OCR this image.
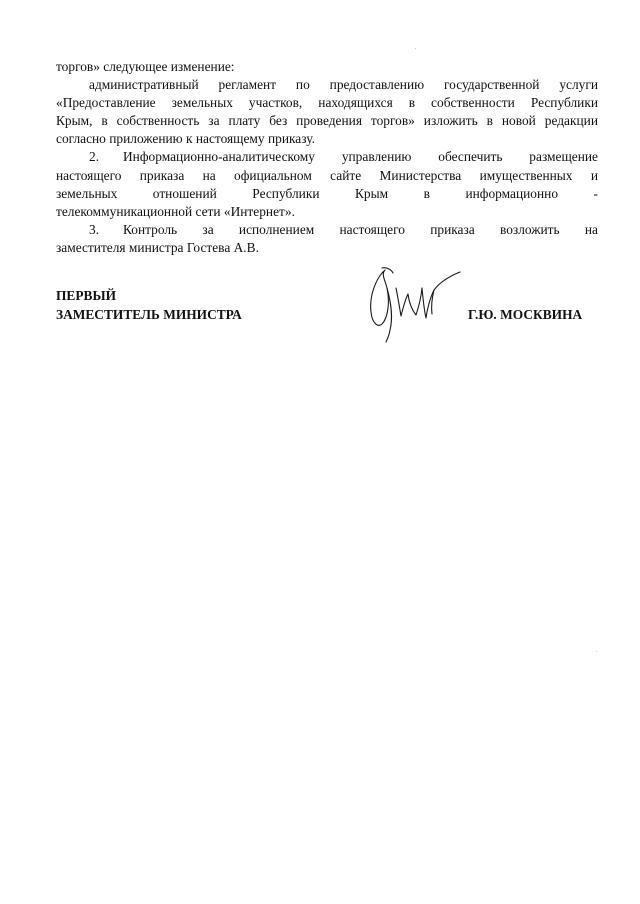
торгов» следующее изменение:
административный регламент по предоставлению государственной услуги
«Предоставление земельных участков, находящихся в собственности Республики
Крым, в собственность за плату без проведения торгов» изложить в новой редакции
согласно приложению к настоящему приказу.
2.	Информационно-аналитическому управлению обеспечить размещение
настоящего приказа на официальном сайте Министерства имущественных и
земельных отношений Республики Крым в информационно -
телекоммуникационной сети «Интернет».
3.	Контроль за исполнением настоящего приказа возложить на
заместителя министра Гостева А.В.
ПЕРВЫЙ
ЗАМЕСТИТЕЛЬ МИНИСТРА	Г.Ю. МОСКВИНА
